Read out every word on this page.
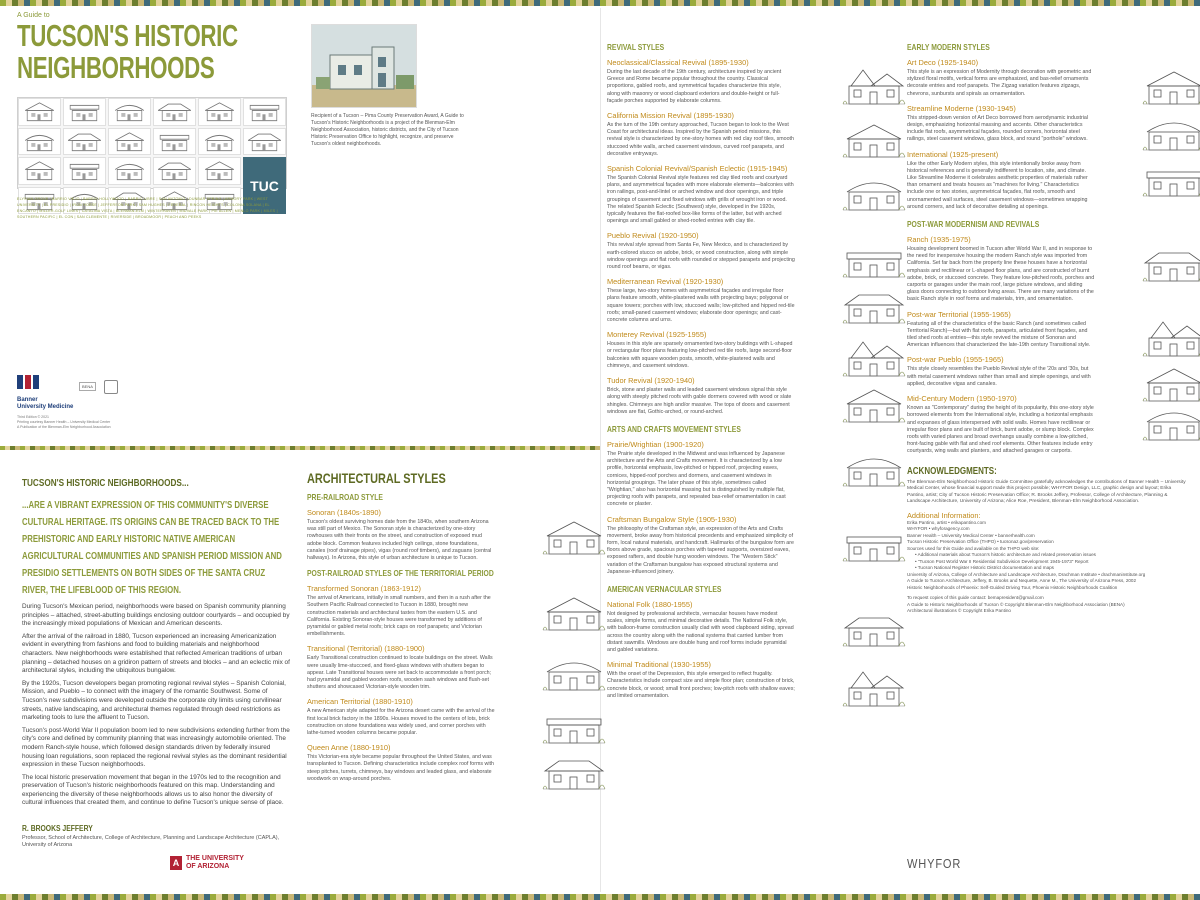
A Guide to
TUCSON'S HISTORIC
NEIGHBORHOODS
TUC
ELYSIAN GROVE | BARRIO VIEJO | BARRIO HOLLYWOOD | BARRIO LIBRE | SAN ANTONIO | DUNBAR SPRING | ARMORY PARK | WEST UNIVERSITY | EL PRESIDIO | IRON HORSE | JEFFERSON PARK | SAM HUGHES | FEDERAL | RINCON HEIGHTS | COLONIA SOLANA | EL ENCANTO | MILLER-GOLF LINKS | CATALINA VISTA | BLENMAN-ELM | WINTERHAVEN | MIDVALE PARK | PIE ALLEN | MENLO PARK | MILES | SOUTHERN PACIFIC | EL CON | SAN CLEMENTE | RIVERSIDE | BROADMOOR | PEACH AND PEEKS
Recipient of a Tucson – Pima County Preservation Award, A Guide to Tucson's Historic Neighborhoods is a project of the Blenman-Elm Neighborhood Association, historic districts, and the City of Tucson Historic Preservation Office to highlight, recognize, and preserve Tucson's oldest neighborhoods.
Banner
University Medicine
Third Edition © 2021
Printing courtesy Banner Health – University Medical Center
A Publication of the Blenman-Elm Neighborhood Association
BENA
TUCSON'S HISTORIC NEIGHBORHOODS...
...ARE A VIBRANT EXPRESSION OF THIS COMMUNITY'S DIVERSE CULTURAL HERITAGE. ITS ORIGINS CAN BE TRACED BACK TO THE PREHISTORIC AND EARLY HISTORIC NATIVE AMERICAN AGRICULTURAL COMMUNITIES AND SPANISH PERIOD MISSION AND PRESIDIO SETTLEMENTS ON BOTH SIDES OF THE SANTA CRUZ RIVER, THE LIFEBLOOD OF THIS REGION.
During Tucson's Mexican period, neighborhoods were based on Spanish community planning principles – attached, street-abutting buildings enclosing outdoor courtyards – and occupied by the increasingly mixed populations of Mexican and American descents.
After the arrival of the railroad in 1880, Tucson experienced an increasing Americanization evident in everything from fashions and food to building materials and neighborhood characters. New neighborhoods were established that reflected American traditions of urban planning – detached houses on a gridiron pattern of streets and blocks – and an eclectic mix of architectural styles, including the ubiquitous bungalow.
By the 1920s, Tucson developers began promoting regional revival styles – Spanish Colonial, Mission, and Pueblo – to connect with the imagery of the romantic Southwest. Some of Tucson's new subdivisions were developed outside the corporate city limits using curvilinear streets, native landscaping, and architectural themes regulated through deed restrictions as marketing tools to lure the affluent to Tucson.
Tucson's post-World War II population boom led to new subdivisions extending further from the city's core and defined by community planning that was increasingly automobile oriented. The modern Ranch-style house, which followed design standards driven by federally insured housing loan regulations, soon replaced the regional revival styles as the dominant residential expression in these Tucson neighborhoods.
The local historic preservation movement that began in the 1970s led to the recognition and preservation of Tucson's historic neighborhoods featured on this map. Understanding and experiencing the diversity of these neighborhoods allows us to also honor the diversity of cultural influences that created them, and continue to define Tucson's unique sense of place.
R. BROOKS JEFFERY
Professor, School of Architecture, College of Architecture, Planning and Landscape Architecture (CAPLA), University of Arizona
A THE UNIVERSITY
OF ARIZONA
ARCHITECTURAL STYLES
PRE-RAILROAD STYLE
Sonoran (1840s-1890)
Tucson's oldest surviving homes date from the 1840s, when southern Arizona was still part of Mexico. The Sonoran style is characterized by one-story rowhouses with their fronts on the street, and construction of exposed mud adobe block. Common features included high ceilings, stone foundations, canales (roof drainage pipes), vigas (round roof timbers), and zaguans (central hallways). In Arizona, this style of urban architecture is unique to Tucson.
POST-RAILROAD STYLES OF THE TERRITORIAL PERIOD
Transformed Sonoran (1863-1912)
The arrival of Americans, initially in small numbers, and then in a rush after the Southern Pacific Railroad connected to Tucson in 1880, brought new construction materials and architectural tastes from the eastern U.S. and California. Existing Sonoran-style houses were transformed by additions of pyramidal or gabled metal roofs; brick caps on roof parapets; and Victorian embellishments.
Transitional (Territorial) (1880-1900)
Early Transitional construction continued to locate buildings on the street. Walls were usually lime-stuccoed, and fixed-glass windows with shutters began to appear. Late Transitional houses were set back to accommodate a front porch; had pyramidal and gabled wooden roofs, wooden sash windows and flush-set shutters and showcased Victorian-style wooden trim.
American Territorial (1880-1910)
A new American style adapted for the Arizona desert came with the arrival of the first local brick factory in the 1890s. Houses moved to the centers of lots, brick construction on stone foundations was widely used, and corner porches with lathe-turned wooden columns became popular.
Queen Anne (1880-1910)
This Victorian-era style became popular throughout the United States, and was transplanted to Tucson. Defining characteristics include complex roof forms with steep pitches, turrets, chimneys, bay windows and leaded glass, and elaborate woodwork on wrap-around porches.
REVIVAL STYLES
Neoclassical/Classical Revival (1895-1930)
During the last decade of the 19th century, architecture inspired by ancient Greece and Rome became popular throughout the country. Classical proportions, gabled roofs, and symmetrical façades characterize this style, along with masonry or wood clapboard exteriors and double-height or full-façade porches supported by elaborate columns.
California Mission Revival (1895-1930)
As the turn of the 19th century approached, Tucson began to look to the West Coast for architectural ideas. Inspired by the Spanish period missions, this revival style is characterized by one-story homes with red clay roof tiles, smooth stuccoed white walls, arched casement windows, curved roof parapets, and decorative entryways.
Spanish Colonial Revival/Spanish Eclectic (1915-1945)
The Spanish Colonial Revival style features red clay tiled roofs and courtyard plans, and asymmetrical façades with more elaborate elements—balconies with iron railings, post-and-lintel or arched window and door openings, and triple groupings of casement and fixed windows with grills of wrought iron or wood. The related Spanish Eclectic (Southwest) style, developed in the 1920s, typically features the flat-roofed box-like forms of the latter, but with arched openings and small gabled or shed-roofed entries with clay tile.
Pueblo Revival (1920-1950)
This revival style spread from Santa Fe, New Mexico, and is characterized by earth-colored stucco on adobe, brick, or wood construction, along with simple window openings and flat roofs with rounded or stepped parapets and projecting round roof beams, or vigas.
Mediterranean Revival (1920-1930)
These large, two-story homes with asymmetrical façades and irregular floor plans feature smooth, white-plastered walls with projecting bays; polygonal or square towers; porches with low, stuccoed walls; low-pitched and hipped red-tile roofs; small-paned casement windows; elaborate door openings; and cast-concrete columns and urns.
Monterey Revival (1925-1955)
Houses in this style are sparsely ornamented two-story buildings with L-shaped or rectangular floor plans featuring low-pitched red tile roofs, large second-floor balconies with square wooden posts, smooth, white-plastered walls and chimneys, and casement windows.
Tudor Revival (1920-1940)
Brick, stone and plaster walls and leaded casement windows signal this style along with steeply pitched roofs with gable dormers covered with wood or slate shingles. Chimneys are high and/or massive. The tops of doors and casement windows are flat, Gothic-arched, or round-arched.
ARTS AND CRAFTS MOVEMENT STYLES
Prairie/Wrightian (1900-1920)
The Prairie style developed in the Midwest and was influenced by Japanese architecture and the Arts and Crafts movement. It is characterized by a low profile, horizontal emphasis, low-pitched or hipped roof, projecting eaves, cornices, hipped-roof porches and dormers, and casement windows in horizontal groupings. The later phase of this style, sometimes called "Wrightian," also has horizontal massing but is distinguished by multiple flat, projecting roofs with parapets, and repeated bas-relief ornamentation in cast concrete or plaster.
Craftsman Bungalow Style (1905-1930)
The philosophy of the Craftsman style, an expression of the Arts and Crafts movement, broke away from historical precedents and emphasized simplicity of form, local natural materials, and handcraft. Hallmarks of the bungalow form are floors above grade, spacious porches with tapered supports, oversized eaves, exposed rafters, and double hung wooden windows. The "Western Stick" variation of the Craftsman bungalow has exposed structural systems and Japanese-influenced joinery.
AMERICAN VERNACULAR STYLES
National Folk (1880-1955)
Not designed by professional architects, vernacular houses have modest scales, simple forms, and minimal decorative details. The National Folk style, with balloon-frame construction usually clad with wood clapboard siding, spread across the country along with the national systems that carried lumber from distant sawmills. Windows are double hung and roof forms include pyramidal and gabled variations.
Minimal Traditional (1930-1955)
With the onset of the Depression, this style emerged to reflect frugality. Characteristics include compact size and simple floor plan; construction of brick, concrete block, or wood; small front porches; low-pitch roofs with shallow eaves; and limited ornamentation.
EARLY MODERN STYLES
Art Deco (1925-1940)
This style is an expression of Modernity through decoration with geometric and stylized floral motifs, vertical forms are emphasized, and bas-relief ornaments decorate entries and roof parapets. The Zigzag variation features zigzags, chevrons, sunbursts and spirals as ornamentation.
Streamline Moderne (1930-1945)
This stripped-down version of Art Deco borrowed from aerodynamic industrial design, emphasizing horizontal massing and accents. Other characteristics include flat roofs, asymmetrical façades, rounded corners, horizontal steel railings, steel casement windows, glass block, and round "porthole" windows.
International (1925-present)
Like the other Early Modern styles, this style intentionally broke away from historical references and is generally indifferent to location, site, and climate. Like Streamline Moderne it celebrates aesthetic properties of materials rather than ornament and treats houses as "machines for living." Characteristics include one or two stories, asymmetrical façades, flat roofs, smooth and unornamented wall surfaces, steel casement windows—sometimes wrapping around corners, and lack of decorative detailing at openings.
POST-WAR MODERNISM AND REVIVALS
Ranch (1935-1975)
Housing development boomed in Tucson after World War II, and in response to the need for inexpensive housing the modern Ranch style was imported from California. Set far back from the property line these houses have a horizontal emphasis and rectilinear or L-shaped floor plans, and are constructed of burnt adobe, brick, or stuccoed concrete. They feature low-pitched roofs, porches and carports or garages under the main roof, large picture windows, and sliding glass doors connecting to outdoor living areas. There are many variations of the basic Ranch style in roof forms and materials, trim, and ornamentation.
Post-war Territorial (1955-1965)
Featuring all of the characteristics of the basic Ranch (and sometimes called Territorial Ranch)—but with flat roofs, parapets, articulated front façades, and tiled shed roofs at entries—this style revived the mixture of Sonoran and American influences that characterized the late-19th century Transitional style.
Post-war Pueblo (1955-1965)
This style closely resembles the Pueblo Revival style of the '20s and '30s, but with metal casement windows rather than small and simple openings, and with applied, decorative vigas and canales.
Mid-Century Modern (1950-1970)
Known as "Contemporary" during the height of its popularity, this one-story style borrowed elements from the International style, including a horizontal emphasis and expanses of glass interspersed with solid walls. Homes have rectilinear or irregular floor plans and are built of brick, burnt adobe, or slump block. Complex roofs with varied planes and broad overhangs usually combine a low-pitched, front-facing gable with flat and shed roof elements. Other features include entry courtyards, wing walls and planters, and attached garages or carports.
ACKNOWLEDGMENTS:
The Blenman-Elm Neighborhood Historic Guide Committee gratefully acknowledges the contributions of Banner Health – University Medical Center, whose financial support made this project possible; WHYFOR Design, LLC, graphic design and layout; Erika Pantino, artist; City of Tucson Historic Preservation Office; R. Brooks Jeffery, Professor, College of Architecture, Planning & Landscape Architecture, University of Arizona; Alice Roe, President, Blenman-Elm Neighborhood Association.
Additional Information:
Erika Pantino, artist • erikapantino.com
WHYFOR • whyforagency.com
Banner Health – University Medical Center • bannerhealth.com
Tucson Historic Preservation Office (THPO) • tucsonaz.gov/preservation
Sources used for this Guide and available on the THPO web site:
• Additional materials about Tucson's historic architecture and related preservation issues
• "Tucson Post World War II Residential Subdivision Development 1945-1973" Report
• Tucson National Register Historic District documentation and maps
University of Arizona, College of Architecture and Landscape Architecture, Drachman Institute • drachmaninstitute.org
A Guide to Tucson Architecture, Jeffery, B. Brooks and Nequette, Anne M., The University of Arizona Press, 2002
Historic Neighborhoods of Phoenix: Self-Guided Driving Tour, Phoenix Historic Neighborhoods Coalition
To request copies of this guide contact: bemapresident@gmail.com
A Guide to Historic Neighborhoods of Tucson © Copyright Blenman-Elm Neighborhood Association (BENA)
Architectural illustrations © Copyright Erika Pantino
WHYFOR
